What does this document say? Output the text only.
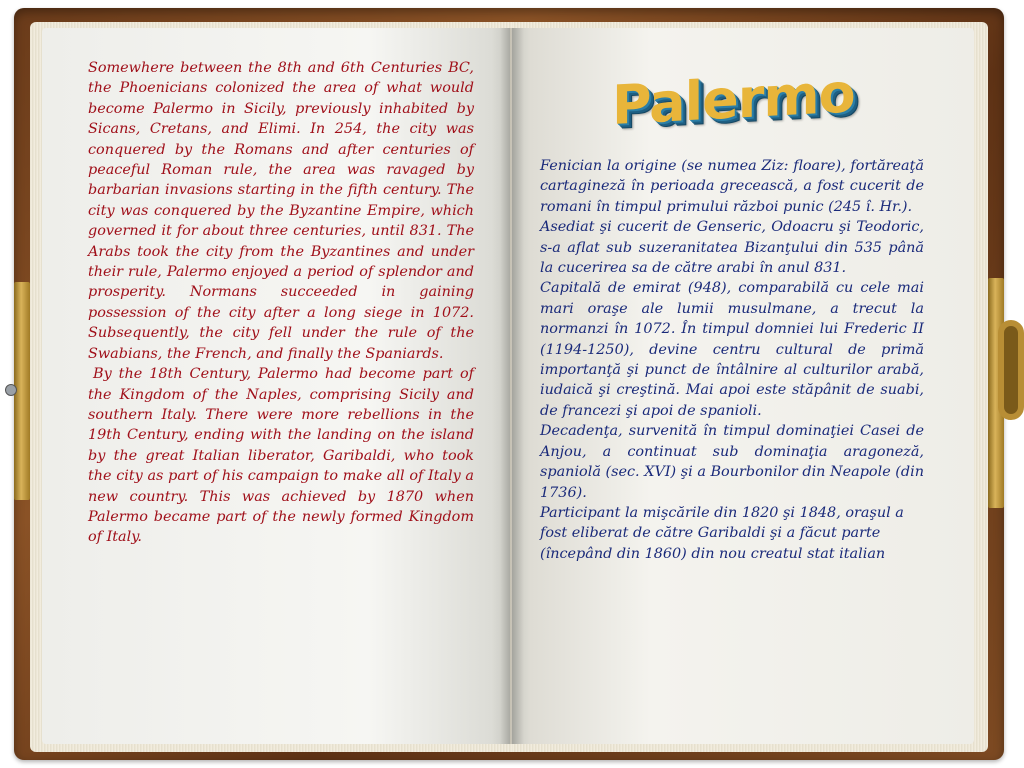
Somewhere between the 8th and 6th Centuries BC, the Phoenicians colonized the area of what would become Palermo in Sicily, previously inhabited by Sicans, Cretans, and Elimi. In 254, the city was conquered by the Romans and after centuries of peaceful Roman rule, the area was ravaged by barbarian invasions starting in the fifth century. The city was conquered by the Byzantine Empire, which governed it for about three centuries, until 831. The Arabs took the city from the Byzantines and under their rule, Palermo enjoyed a period of splendor and prosperity. Normans succeeded in gaining possession of the city after a long siege in 1072. Subsequently, the city fell under the rule of the Swabians, the French, and finally the Spaniards.

By the 18th Century, Palermo had become part of the Kingdom of the Naples, comprising Sicily and southern Italy. There were more rebellions in the 19th Century, ending with the landing on the island by the great Italian liberator, Garibaldi, who took the city as part of his campaign to make all of Italy a new country. This was achieved by 1870 when Palermo became part of the newly formed Kingdom of Italy.

Palermo

Fenician la origine (se numea Ziz: floare), fortăreaţă cartagineză în perioada grecească, a fost cucerit de romani în timpul primului război punic (245 î. Hr.).

Asediat şi cucerit de Genseric, Odoacru şi Teodoric, s-a aflat sub suzeranitatea Bizanţului din 535 până la cucerirea sa de către arabi în anul 831.

Capitală de emirat (948), comparabilă cu cele mai mari oraşe ale lumii musulmane, a trecut la normanzi în 1072. În timpul domniei lui Frederic II (1194-1250), devine centru cultural de primă importanţă şi punct de întâlnire al culturilor arabă, iudaică şi creştină. Mai apoi este stăpânit de suabi, de francezi şi apoi de spanioli.

Decadenţa, survenită în timpul dominaţiei Casei de Anjou, a continuat sub dominaţia aragoneză, spaniolă (sec. XVI) şi a Bourbonilor din Neapole (din 1736).

Participant la mişcările din 1820 şi 1848, oraşul a fost eliberat de către Garibaldi şi a făcut parte (începând din 1860) din nou creatul stat italian
